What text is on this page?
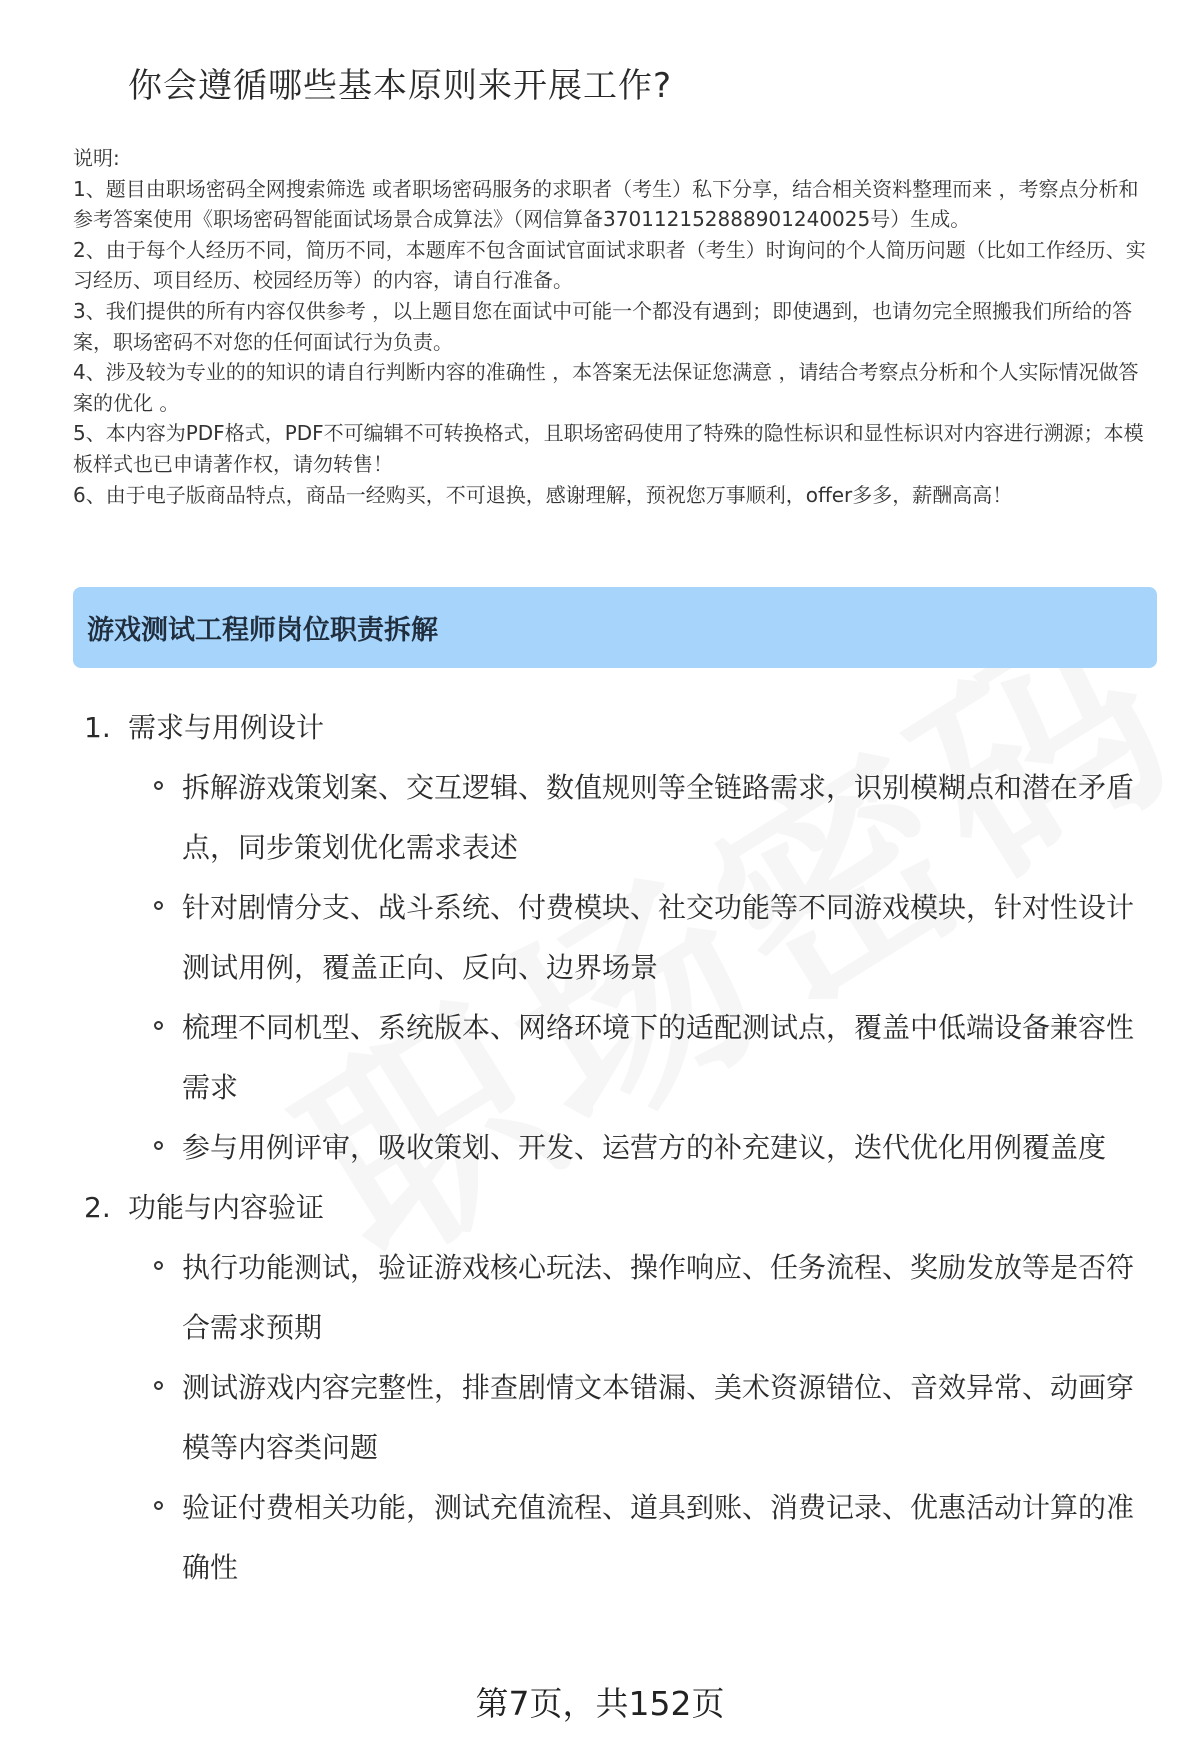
你会遵循哪些基本原则来开展工作?

说明:

1、题目由职场密码全网搜索筛选 或者职场密码服务的求职者（考生）私下分享，结合相关资料整理而来 ，考察点分析和参考答案使用《职场密码智能面试场景合成算法》（网信算备370112152888901240025号）生成。

2、由于每个人经历不同，简历不同，本题库不包含面试官面试求职者（考生）时询问的个人简历问题（比如工作经历、实习经历、项目经历、校园经历等）的内容，请自行准备。

3、我们提供的所有内容仅供参考 ，以上题目您在面试中可能一个都没有遇到；即使遇到，也请勿完全照搬我们所给的答案，职场密码不对您的任何面试行为负责。

4、涉及较为专业的的知识的请自行判断内容的准确性 ，本答案无法保证您满意 ，请结合考察点分析和个人实际情况做答案的优化 。

5、本内容为PDF格式，PDF不可编辑不可转换格式，且职场密码使用了特殊的隐性标识和显性标识对内容进行溯源；本模板样式也已申请著作权，请勿转售！

6、由于电子版商品特点，商品一经购买，不可退换，感谢理解，预祝您万事顺利，offer多多，薪酬高高！

游戏测试工程师岗位职责拆解
1. 需求与用例设计
拆解游戏策划案、交互逻辑、数值规则等全链路需求，识别模糊点和潜在矛盾点，同步策划优化需求表述
针对剧情分支、战斗系统、付费模块、社交功能等不同游戏模块，针对性设计测试用例，覆盖正向、反向、边界场景
梳理不同机型、系统版本、网络环境下的适配测试点，覆盖中低端设备兼容性需求
参与用例评审，吸收策划、开发、运营方的补充建议，迭代优化用例覆盖度
2. 功能与内容验证
执行功能测试，验证游戏核心玩法、操作响应、任务流程、奖励发放等是否符合需求预期
测试游戏内容完整性，排查剧情文本错漏、美术资源错位、音效异常、动画穿模等内容类问题
验证付费相关功能，测试充值流程、道具到账、消费记录、优惠活动计算的准确性
第7页，共152页
